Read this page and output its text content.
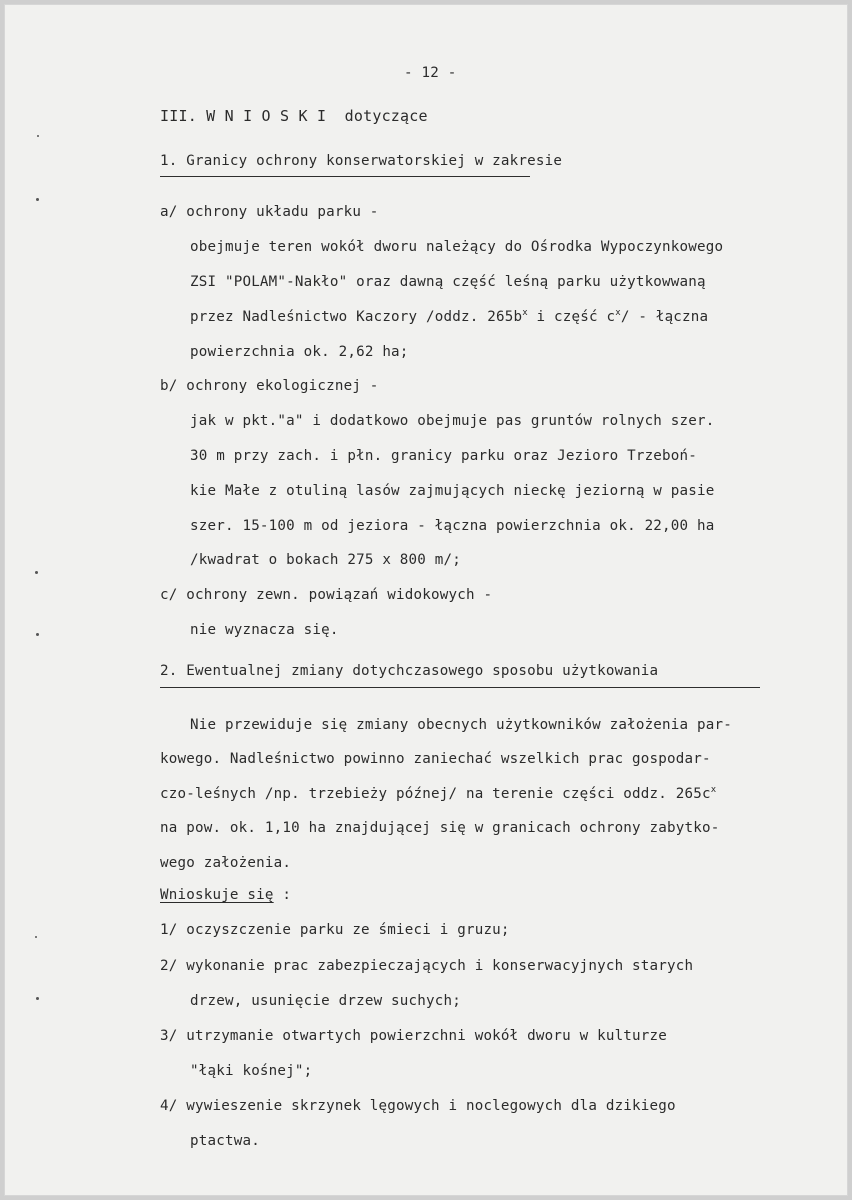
- 12 -
III. W N I O S K I dotyczące
1. Granicy ochrony konserwatorskiej w zakresie
a/ ochrony układu parku -
obejmuje teren wokół dworu należący do Ośrodka Wypoczynkowego
ZSI "POLAM"-Nakło" oraz dawną część leśną parku użytkowwaną
przez Nadleśnictwo Kaczory /oddz. $265b^x$ i część $c^x/$ - łączna
powierzchnia ok. 2,62 ha;
b/ ochrony ekologicznej -
jak w pkt."a" i dodatkowo obejmuje pas gruntów rolnych szer.
30 m przy zach. i płn. granicy parku oraz Jezioro Trzeboń-
kie Małe z otuliną lasów zajmujących nieckę jeziorną w pasie
szer. 15-100 m od jeziora - łączna powierzchnia ok. 22,00 ha
/kwadrat o bokach 275 x 800 m/;
c/ ochrony zewn. powiązań widokowych -
nie wyznacza się.
2. Ewentualnej zmiany dotychczasowego sposobu użytkowania
Nie przewiduje się zmiany obecnych użytkowników założenia par-
kowego. Nadleśnictwo powinno zaniechać wszelkich prac gospodar-
czo-leśnych /np. trzebieży późnej/ na terenie części oddz. $265c^x$
na pow. ok. 1,10 ha znajdującej się w granicach ochrony zabytko-
wego założenia.
Wnioskuje się :
1/ oczyszczenie parku ze śmieci i gruzu;
2/ wykonanie prac zabezpieczających i konserwacyjnych starych
drzew, usunięcie drzew suchych;
3/ utrzymanie otwartych powierzchni wokół dworu w kulturze
"łąki kośnej";
4/ wywieszenie skrzynek lęgowych i noclegowych dla dzikiego
ptactwa.
